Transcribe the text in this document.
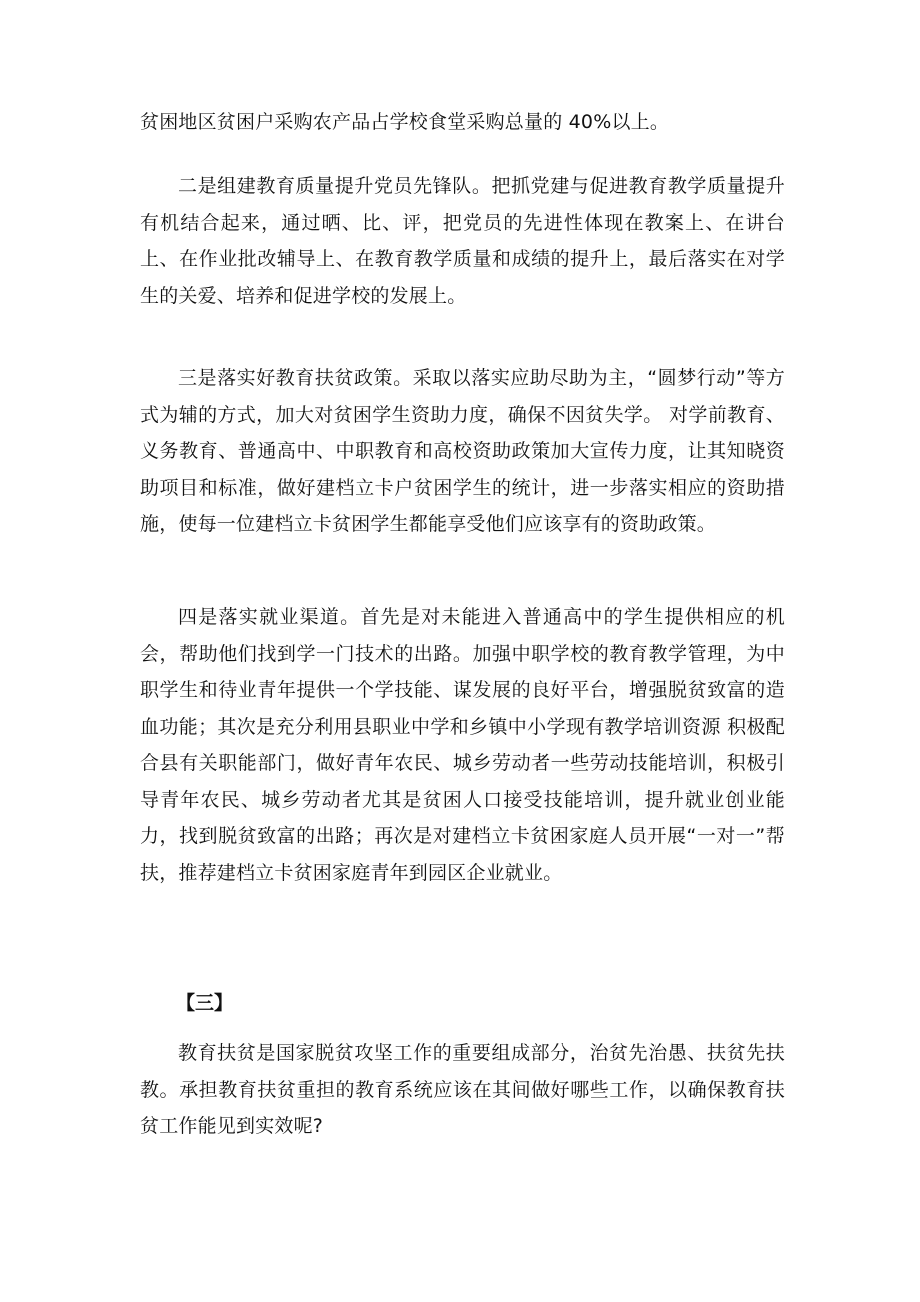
贫困地区贫困户采购农产品占学校食堂采购总量的 40%以上。

二是组建教育质量提升党员先锋队。把抓党建与促进教育教学质量提升有机结合起来，通过晒、比、评，把党员的先进性体现在教案上、在讲台上、在作业批改辅导上、在教育教学质量和成绩的提升上，最后落实在对学生的关爱、培养和促进学校的发展上。

三是落实好教育扶贫政策。采取以落实应助尽助为主，“圆梦行动”等方式为辅的方式，加大对贫困学生资助力度，确保不因贫失学。 对学前教育、义务教育、普通高中、中职教育和高校资助政策加大宣传力度，让其知晓资助项目和标准，做好建档立卡户贫困学生的统计，进一步落实相应的资助措施，使每一位建档立卡贫困学生都能享受他们应该享有的资助政策。

四是落实就业渠道。首先是对未能进入普通高中的学生提供相应的机会，帮助他们找到学一门技术的出路。加强中职学校的教育教学管理，为中职学生和待业青年提供一个学技能、谋发展的良好平台，增强脱贫致富的造血功能；其次是充分利用县职业中学和乡镇中小学现有教学培训资源 积极配合县有关职能部门，做好青年农民、城乡劳动者一些劳动技能培训，积极引导青年农民、城乡劳动者尤其是贫困人口接受技能培训，提升就业创业能力，找到脱贫致富的出路；再次是对建档立卡贫困家庭人员开展“一对一”帮扶，推荐建档立卡贫困家庭青年到园区企业就业。

【三】

教育扶贫是国家脱贫攻坚工作的重要组成部分，治贫先治愚、扶贫先扶教。承担教育扶贫重担的教育系统应该在其间做好哪些工作，以确保教育扶贫工作能见到实效呢?
